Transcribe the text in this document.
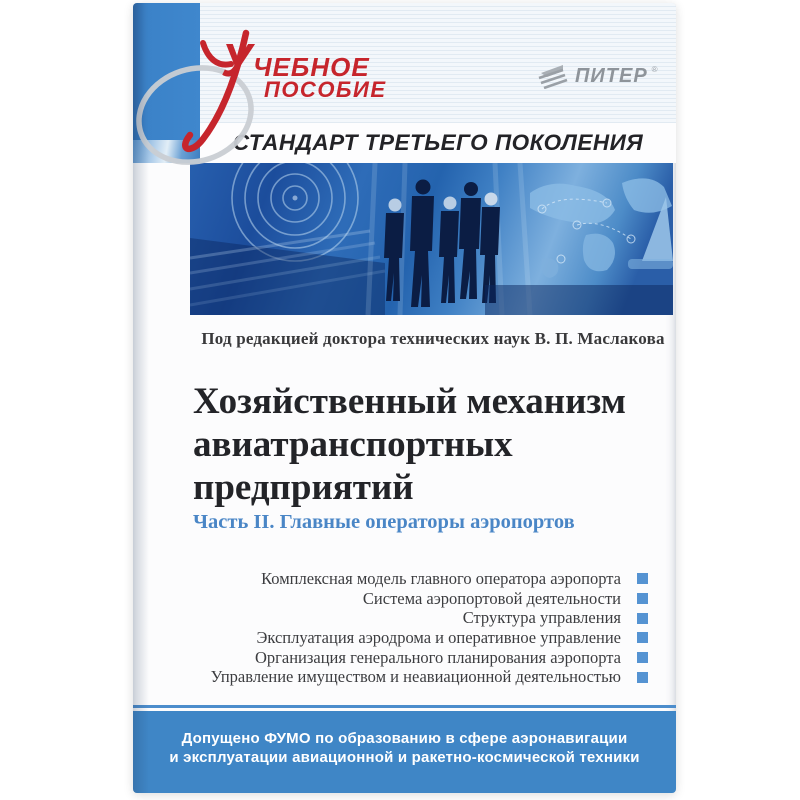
СТАНДАРТ ТРЕТЬЕГО ПОКОЛЕНИЯ
УЧЕБНОЕ
ПОСОБИЕ
ПИТЕР ®
Под редакцией доктора технических наук В. П. Маслакова
Хозяйственный механизм
авиатранспортных
предприятий
Часть II. Главные операторы аэропортов
Комплексная модель главного оператора аэропорта
Система аэропортовой деятельности
Структура управления
Эксплуатация аэродрома и оперативное управление
Организация генерального планирования аэропорта
Управление имуществом и неавиационной деятельностью
Допущено ФУМО по образованию в сфере аэронавигации
и эксплуатации авиационной и ракетно-космической техники
